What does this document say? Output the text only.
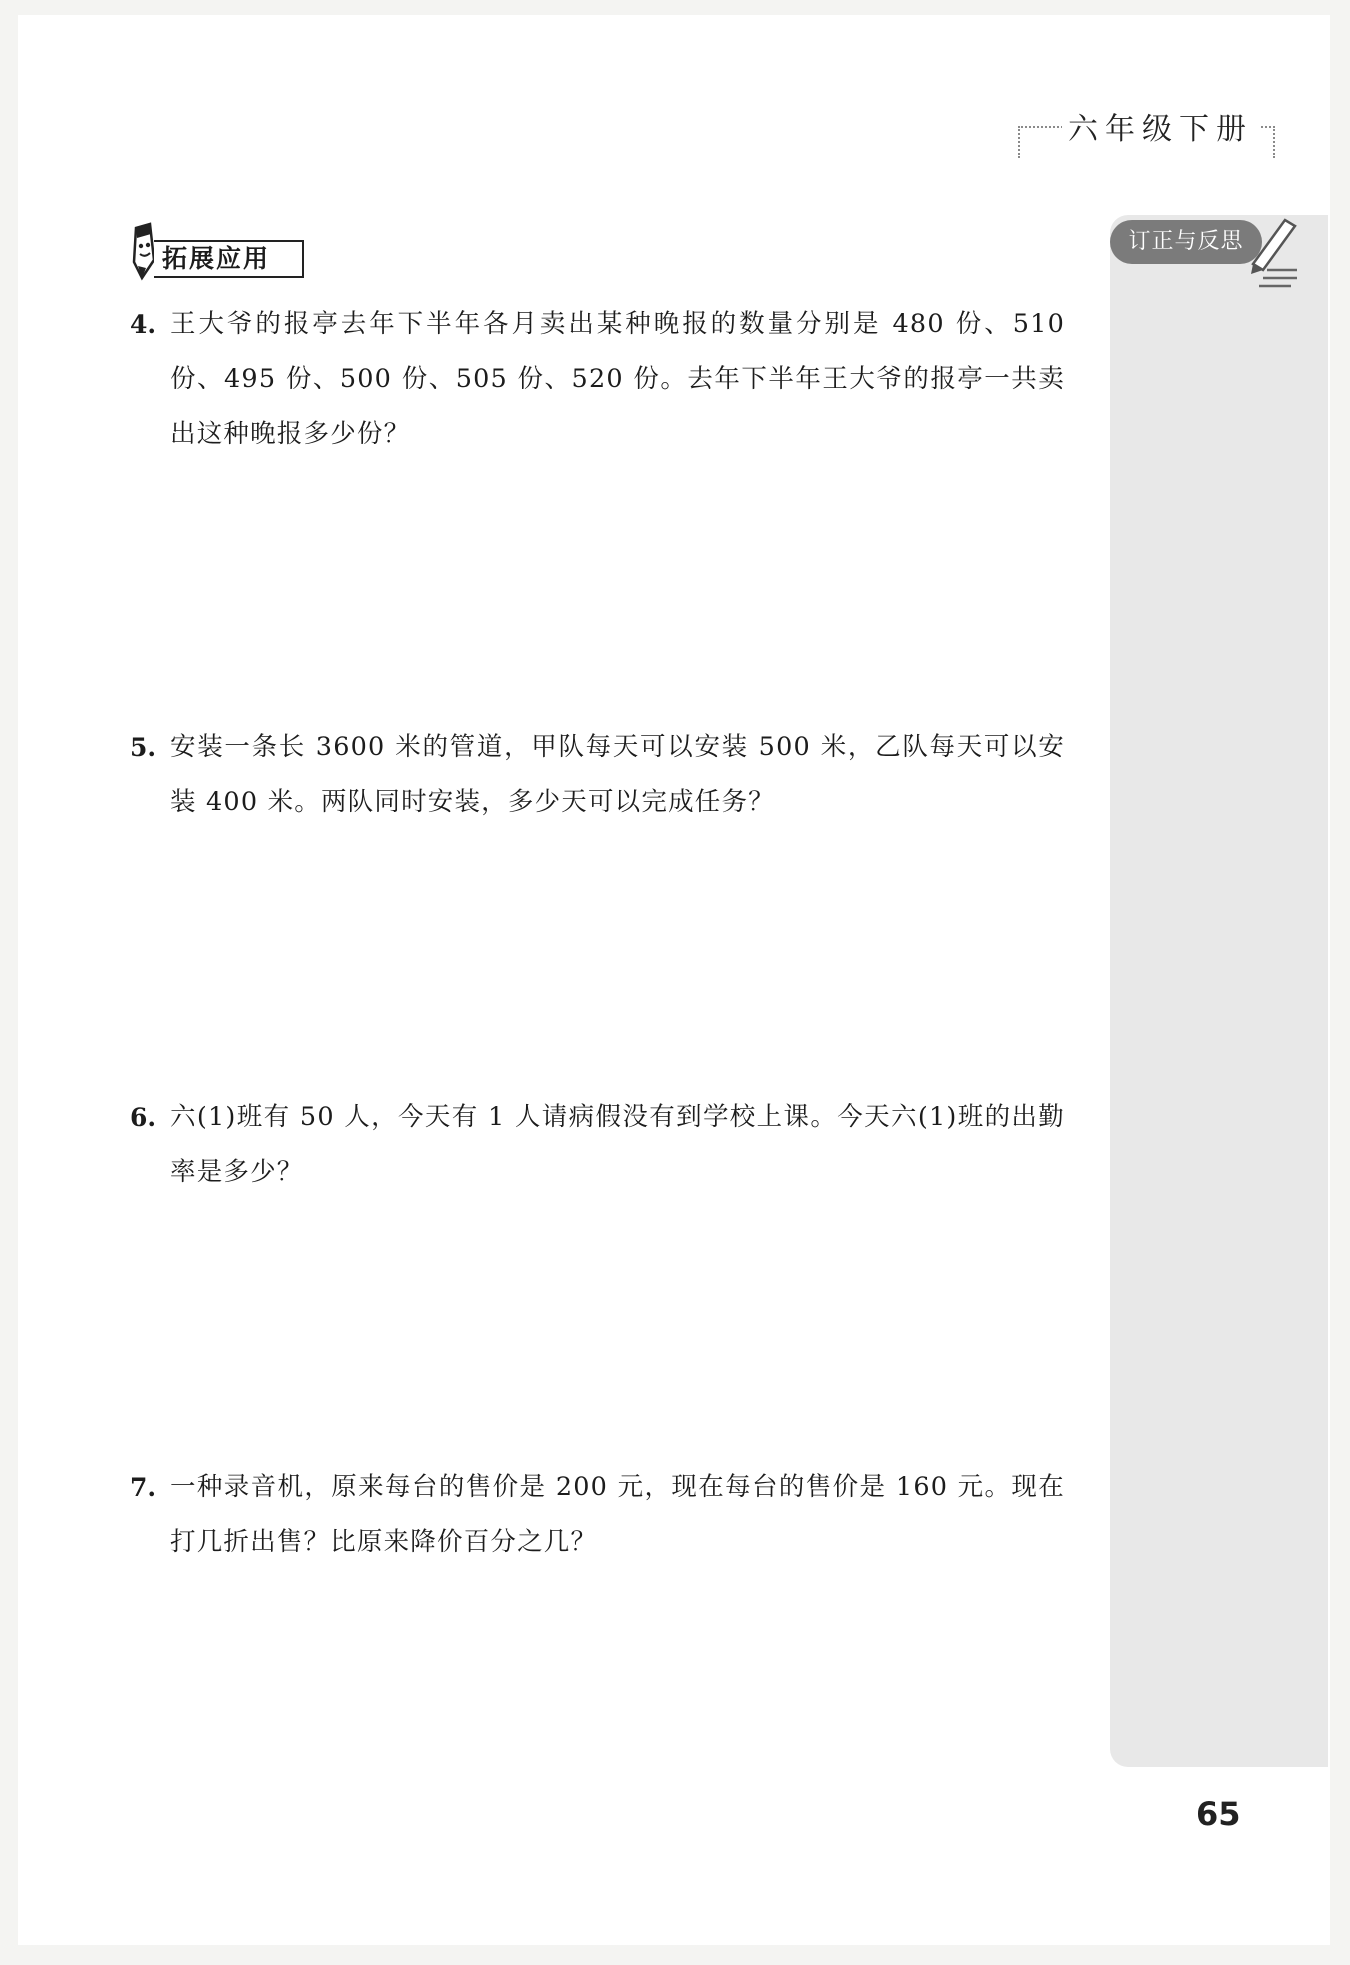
六年级下册
订正与反思
拓展应用
4. 王大爷的报亭去年下半年各月卖出某种晚报的数量分别是 480 份、510 份、495 份、500 份、505 份、520 份。去年下半年王大爷的报亭一共卖出这种晚报多少份？
5. 安装一条长 3600 米的管道，甲队每天可以安装 500 米，乙队每天可以安装 400 米。两队同时安装，多少天可以完成任务？
6. 六(1)班有 50 人，今天有 1 人请病假没有到学校上课。今天六(1)班的出勤率是多少？
7. 一种录音机，原来每台的售价是 200 元，现在每台的售价是 160 元。现在打几折出售？比原来降价百分之几？
65
